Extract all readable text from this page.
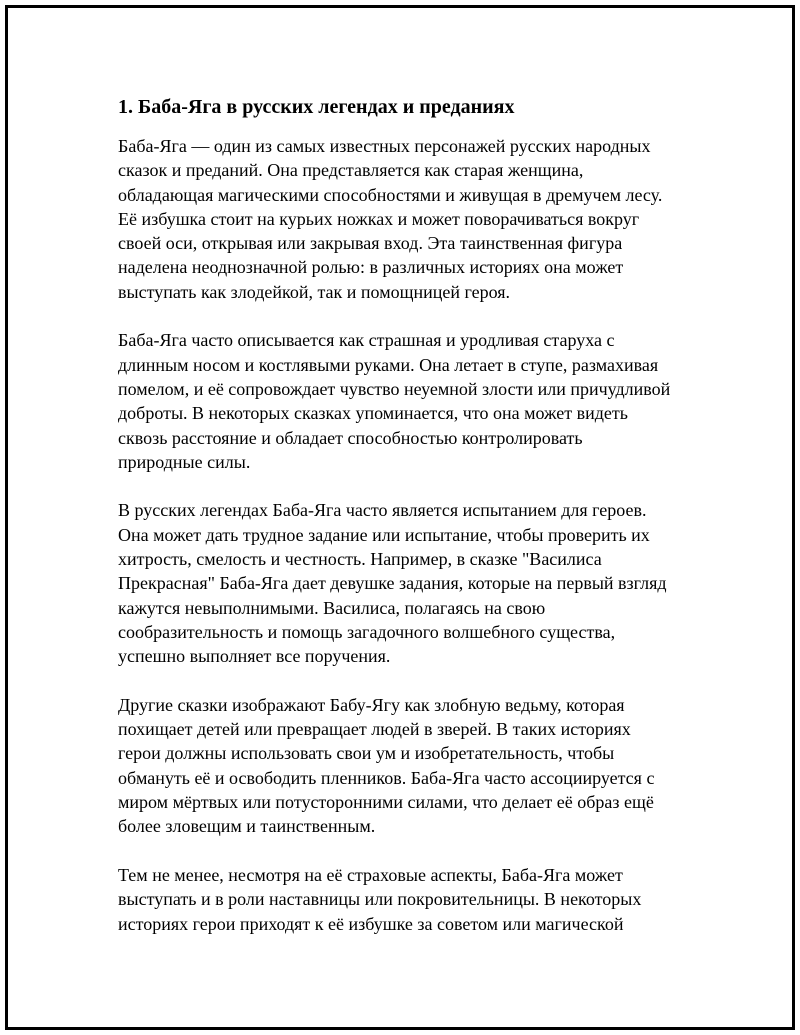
1. Баба-Яга в русских легендах и преданиях

Баба-Яга — один из самых известных персонажей русских народных
сказок и преданий. Она представляется как старая женщина,
обладающая магическими способностями и живущая в дремучем лесу.
Её избушка стоит на курьих ножках и может поворачиваться вокруг
своей оси, открывая или закрывая вход. Эта таинственная фигура
наделена неоднозначной ролью: в различных историях она может
выступать как злодейкой, так и помощницей героя.

Баба-Яга часто описывается как страшная и уродливая старуха с
длинным носом и костлявыми руками. Она летает в ступе, размахивая
помелом, и её сопровождает чувство неуемной злости или причудливой
доброты. В некоторых сказках упоминается, что она может видеть
сквозь расстояние и обладает способностью контролировать
природные силы.

В русских легендах Баба-Яга часто является испытанием для героев.
Она может дать трудное задание или испытание, чтобы проверить их
хитрость, смелость и честность. Например, в сказке "Василиса
Прекрасная" Баба-Яга дает девушке задания, которые на первый взгляд
кажутся невыполнимыми. Василиса, полагаясь на свою
сообразительность и помощь загадочного волшебного существа,
успешно выполняет все поручения.

Другие сказки изображают Бабу-Ягу как злобную ведьму, которая
похищает детей или превращает людей в зверей. В таких историях
герои должны использовать свои ум и изобретательность, чтобы
обмануть её и освободить пленников. Баба-Яга часто ассоциируется с
миром мёртвых или потусторонними силами, что делает её образ ещё
более зловещим и таинственным.

Тем не менее, несмотря на её страховые аспекты, Баба-Яга может
выступать и в роли наставницы или покровительницы. В некоторых
историях герои приходят к её избушке за советом или магической
